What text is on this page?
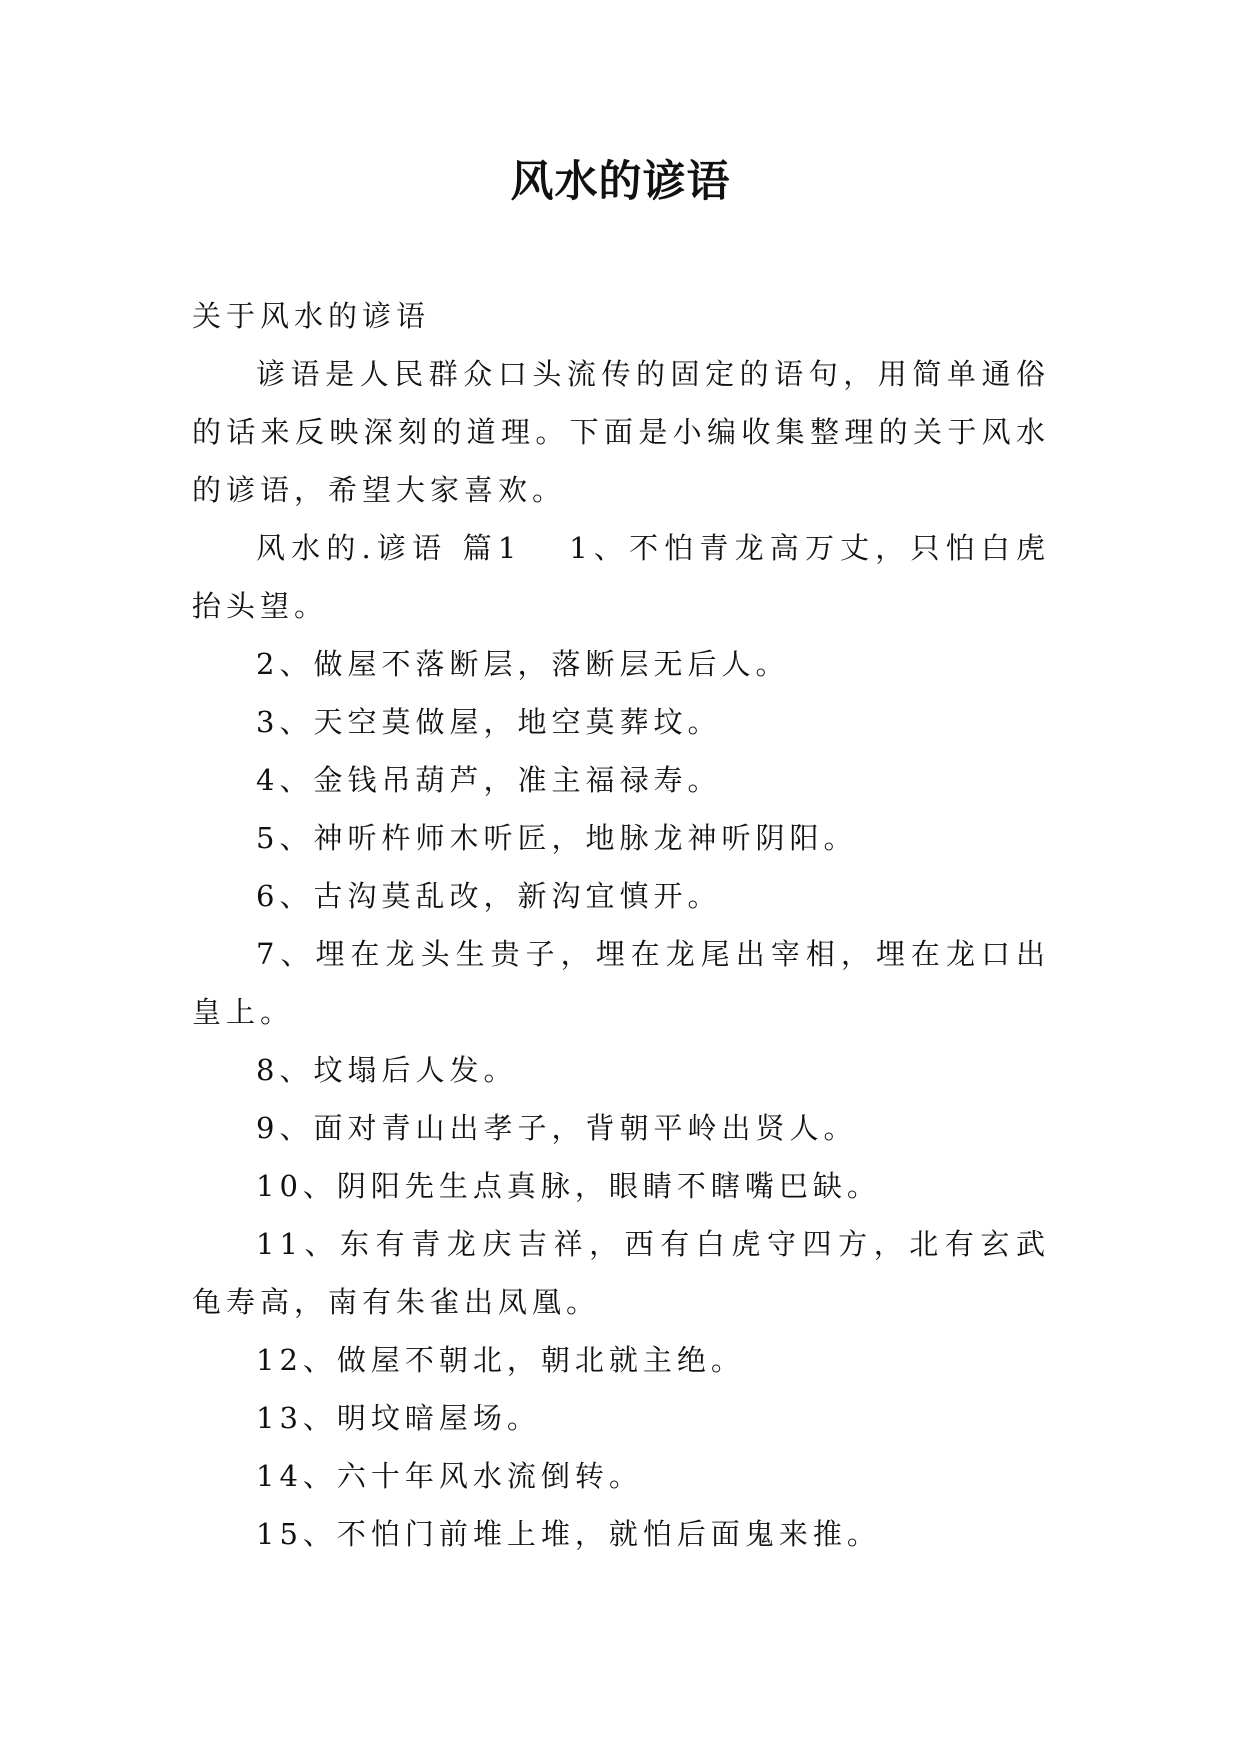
风水的谚语

关于风水的谚语

谚语是人民群众口头流传的固定的语句，用简单通俗的话来反映深刻的道理。下面是小编收集整理的关于风水的谚语，希望大家喜欢。

风水的.谚语 篇1 1、不怕青龙高万丈，只怕白虎抬头望。

2、做屋不落断层，落断层无后人。

3、天空莫做屋，地空莫葬坟。

4、金钱吊葫芦，准主福禄寿。

5、神听杵师木听匠，地脉龙神听阴阳。

6、古沟莫乱改，新沟宜慎开。

7、埋在龙头生贵子，埋在龙尾出宰相，埋在龙口出皇上。

8、坟塌后人发。

9、面对青山出孝子，背朝平岭出贤人。

10、阴阳先生点真脉，眼睛不瞎嘴巴缺。

11、东有青龙庆吉祥，西有白虎守四方，北有玄武龟寿高，南有朱雀出凤凰。

12、做屋不朝北，朝北就主绝。

13、明坟暗屋场。

14、六十年风水流倒转。

15、不怕门前堆上堆，就怕后面鬼来推。
